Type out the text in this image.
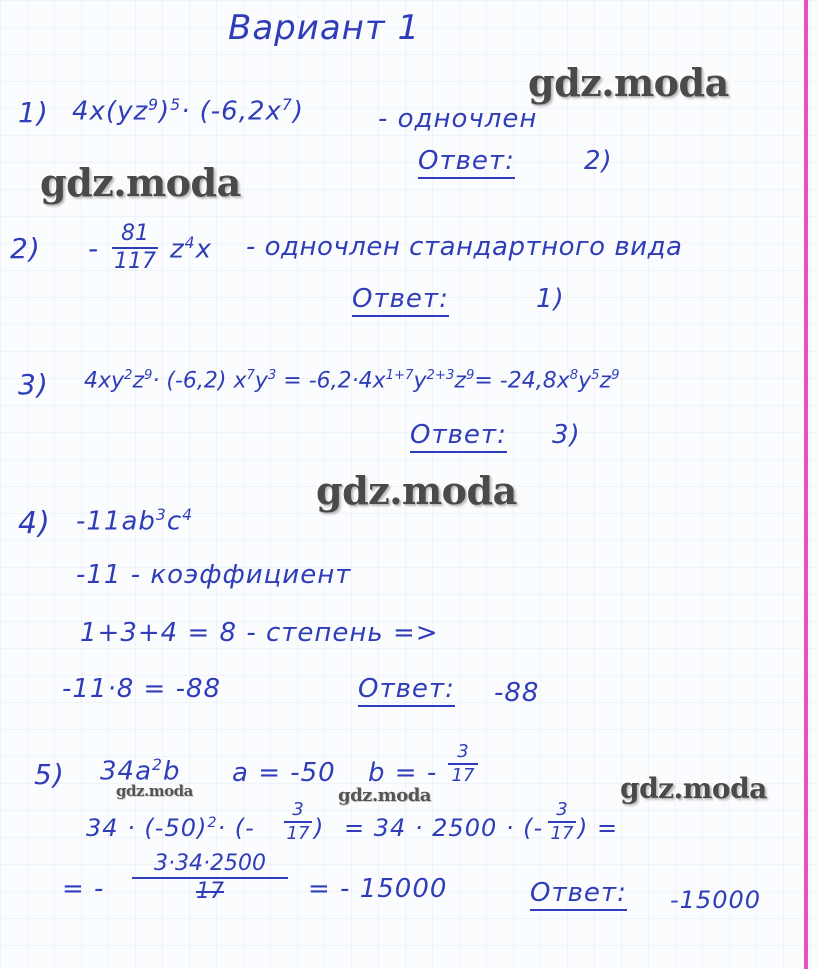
Вариант 1
gdz.moda
gdz.moda
gdz.moda
gdz.moda
gdz.moda	gdz.moda
1) $4x(yz^9)^5\cdot (-6,2x^7)$	- одночлен
Ответ:	2)
2) - 81
117 $z^4x$ - одночлен стандартного вида
Ответ:	1)
3) $4xy^2z^9\cdot (-6,2) x^7y^3 = -6,2\cdot 4x^{1+7}y^{2+3}z^9= -24,8x^8y^5z^9$
Ответ: 3)
4) $-11ab^3c^4$
-11 - коэффициент
1+3+4 = 8 - степень =>
-11·8 = -88	Ответ: -88
5) $34a^2b$ a = -50 b = -
3
17
$34 \cdot (-50)^2\cdot$ (-
3
17 ) = 34 · 2500 · (-
3
17 ) =
= -
3·34·2500
17	= - 15000	Ответ: -15000
